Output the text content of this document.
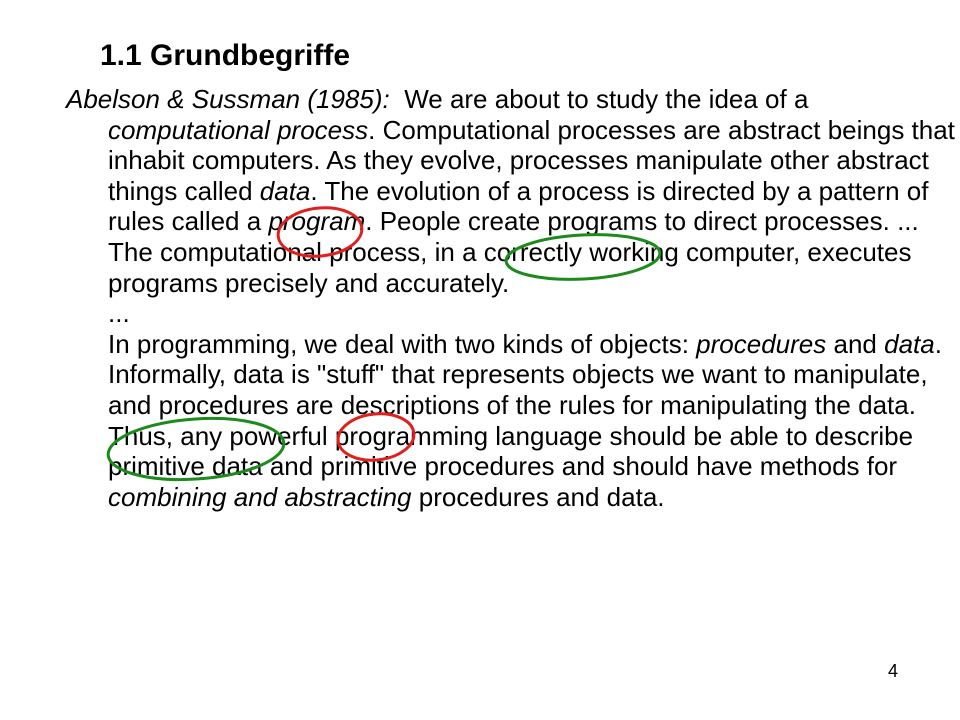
1.1 Grundbegriffe

Abelson & Sussman (1985): We are about to study the idea of a computational process. Computational processes are abstract beings that inhabit computers. As they evolve, processes manipulate other abstract things called data. The evolution of a process is directed by a pattern of rules called a program. People create programs to direct processes. ... The computational process, in a correctly working computer, executes programs precisely and accurately.

...

In programming, we deal with two kinds of objects: procedures and data. Informally, data is "stuff" that represents objects we want to manipulate, and procedures are descriptions of the rules for manipulating the data. Thus, any powerful programming language should be able to describe primitive data and primitive procedures and should have methods for combining and abstracting procedures and data.

4
